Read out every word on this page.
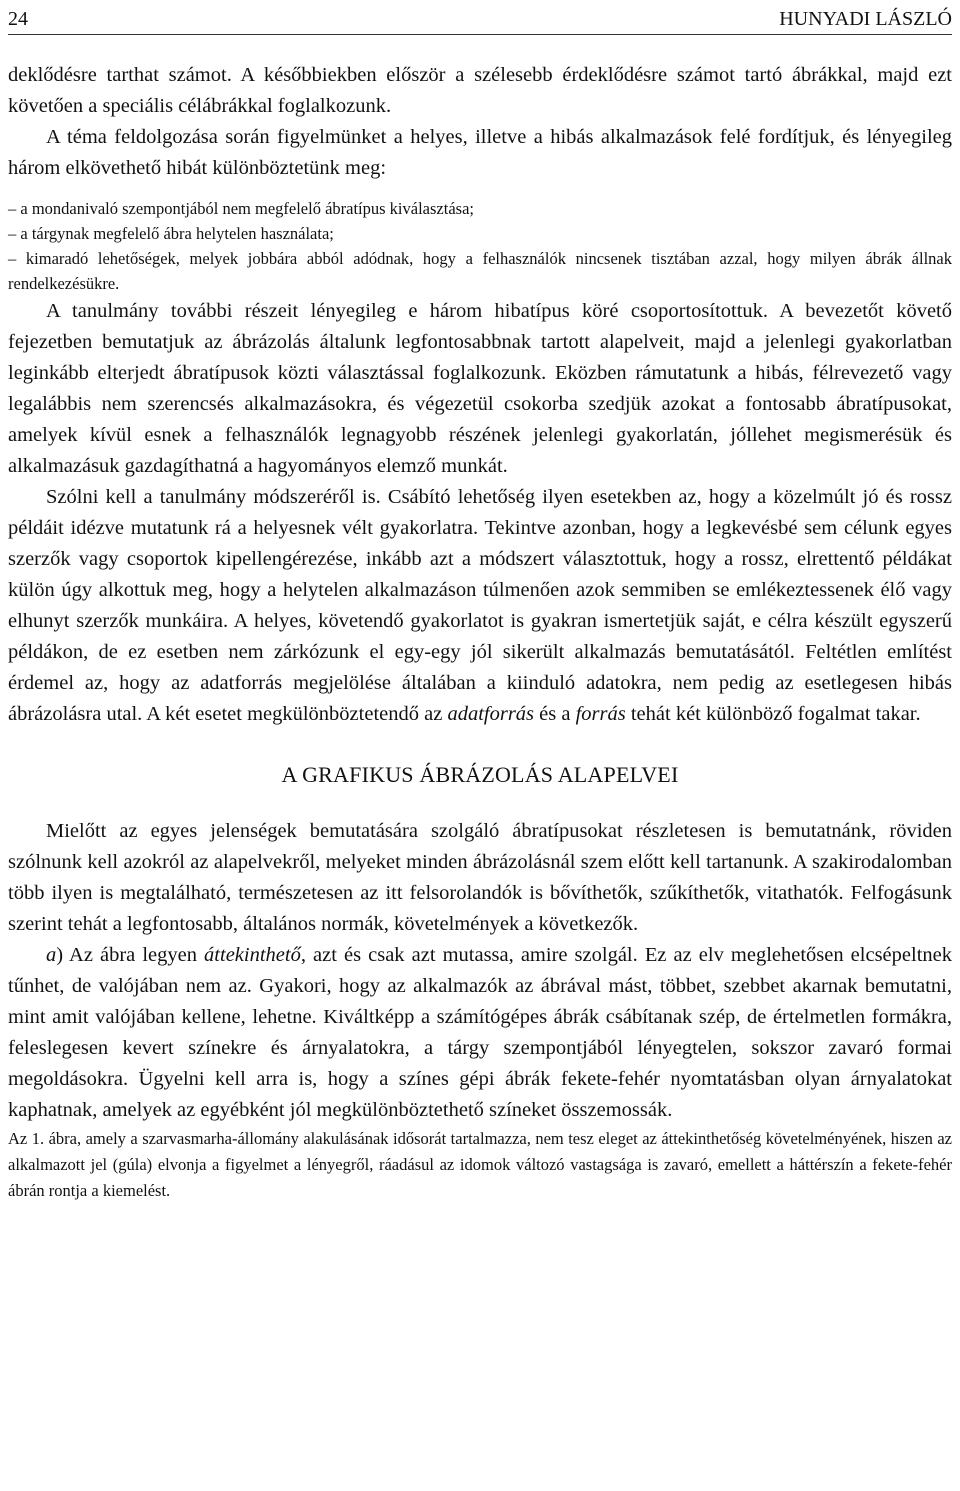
24	HUNYADI LÁSZLÓ

deklődésre tarthat számot. A későbbiekben először a szélesebb érdeklődésre számot tartó ábrákkal, majd ezt követően a speciális célábrákkal foglalkozunk.

A téma feldolgozása során figyelmünket a helyes, illetve a hibás alkalmazások felé fordítjuk, és lényegileg három elkövethető hibát különböztetünk meg:

– a mondanivaló szempontjából nem megfelelő ábratípus kiválasztása;
– a tárgynak megfelelő ábra helytelen használata;
– kimaradó lehetőségek, melyek jobbára abból adódnak, hogy a felhasználók nincsenek tisztában azzal, hogy milyen ábrák állnak rendelkezésükre.

A tanulmány további részeit lényegileg e három hibatípus köré csoportosítottuk. A bevezetőt követő fejezetben bemutatjuk az ábrázolás általunk legfontosabbnak tartott alapelveit, majd a jelenlegi gyakorlatban leginkább elterjedt ábratípusok közti választással foglalkozunk. Eközben rámutatunk a hibás, félrevezető vagy legalábbis nem szerencsés alkalmazásokra, és végezetül csokorba szedjük azokat a fontosabb ábratípusokat, amelyek kívül esnek a felhasználók legnagyobb részének jelenlegi gyakorlatán, jóllehet megismerésük és alkalmazásuk gazdagíthatná a hagyományos elemző munkát.

Szólni kell a tanulmány módszeréről is. Csábító lehetőség ilyen esetekben az, hogy a közelmúlt jó és rossz példáit idézve mutatunk rá a helyesnek vélt gyakorlatra. Tekintve azonban, hogy a legkevésbé sem célunk egyes szerzők vagy csoportok kipellengérezése, inkább azt a módszert választottuk, hogy a rossz, elrettentő példákat külön úgy alkottuk meg, hogy a helytelen alkalmazáson túlmenően azok semmiben se emlékeztessenek élő vagy elhunyt szerzők munkáira. A helyes, követendő gyakorlatot is gyakran ismertetjük saját, e célra készült egyszerű példákon, de ez esetben nem zárkózunk el egy-egy jól sikerült alkalmazás bemutatásától. Feltétlen említést érdemel az, hogy az adatforrás megjelölése általában a kiinduló adatokra, nem pedig az esetlegesen hibás ábrázolásra utal. A két esetet megkülönböztetendő az adatforrás és a forrás tehát két különböző fogalmat takar.

A GRAFIKUS ÁBRÁZOLÁS ALAPELVEI

Mielőtt az egyes jelenségek bemutatására szolgáló ábratípusokat részletesen is bemutatnánk, röviden szólnunk kell azokról az alapelvekről, melyeket minden ábrázolásnál szem előtt kell tartanunk. A szakirodalomban több ilyen is megtalálható, természetesen az itt felsorolandók is bővíthetők, szűkíthetők, vitathatók. Felfogásunk szerint tehát a legfontosabb, általános normák, követelmények a következők.

a) Az ábra legyen áttekinthető, azt és csak azt mutassa, amire szolgál. Ez az elv meglehetősen elcsépeltnek tűnhet, de valójában nem az. Gyakori, hogy az alkalmazók az ábrával mást, többet, szebbet akarnak bemutatni, mint amit valójában kellene, lehetne. Kiváltképp a számítógépes ábrák csábítanak szép, de értelmetlen formákra, feleslegesen kevert színekre és árnyalatokra, a tárgy szempontjából lényegtelen, sokszor zavaró formai megoldásokra. Ügyelni kell arra is, hogy a színes gépi ábrák fekete-fehér nyomtatásban olyan árnyalatokat kaphatnak, amelyek az egyébként jól megkülönböztethető színeket összemossák.

Az 1. ábra, amely a szarvasmarha-állomány alakulásának idősorát tartalmazza, nem tesz eleget az áttekinthetőség követelményének, hiszen az alkalmazott jel (gúla) elvonja a figyelmet a lényegről, ráadásul az idomok változó vastagsága is zavaró, emellett a háttérszín a fekete-fehér ábrán rontja a kiemelést.
